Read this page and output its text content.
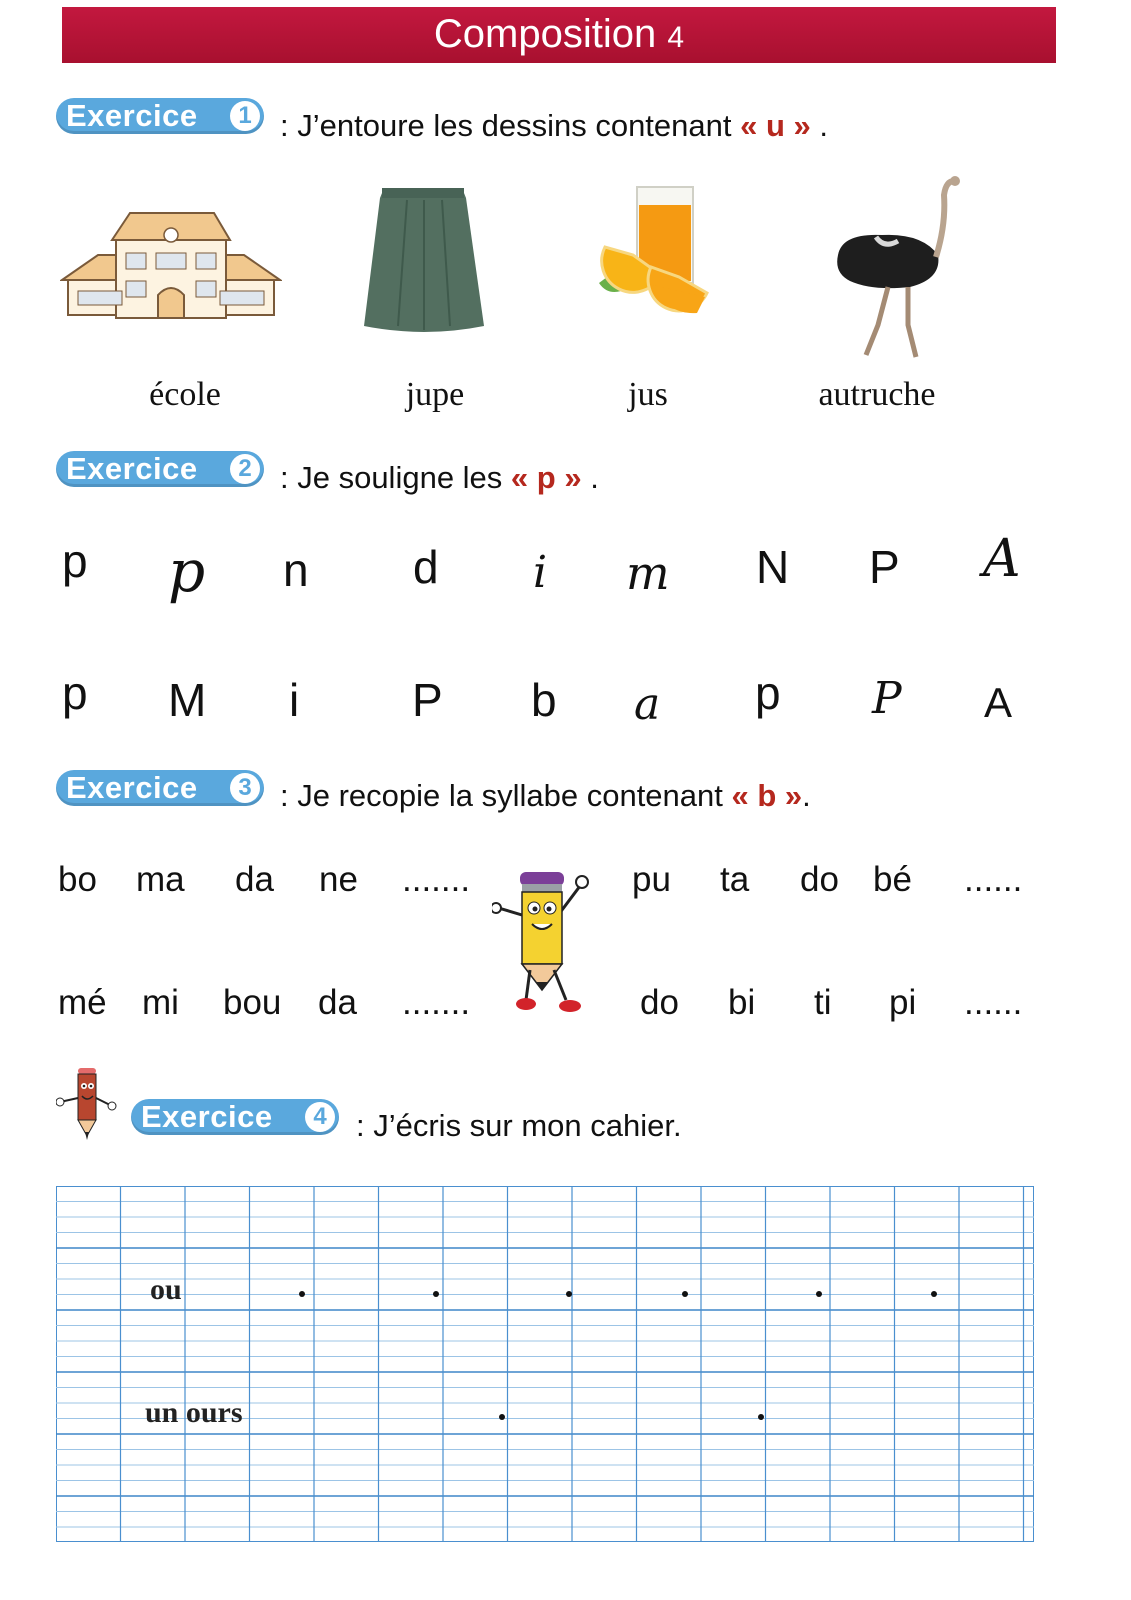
Composition 4
Exercice	1 : J’entoure les dessins contenant « u » .
école	jupe	jus	autruche
Exercice	2 : Je souligne les « p » .
p p n d i m N P A
p M i P b a p P A
Exercice	3 : Je recopie la syllabe contenant « b ».
bo ma da ne .......	pu ta do bé ......
mé mi bou da .......	do bi ti pi ......
Exercice	4 : J’écris sur mon cahier.
ou
un ours
